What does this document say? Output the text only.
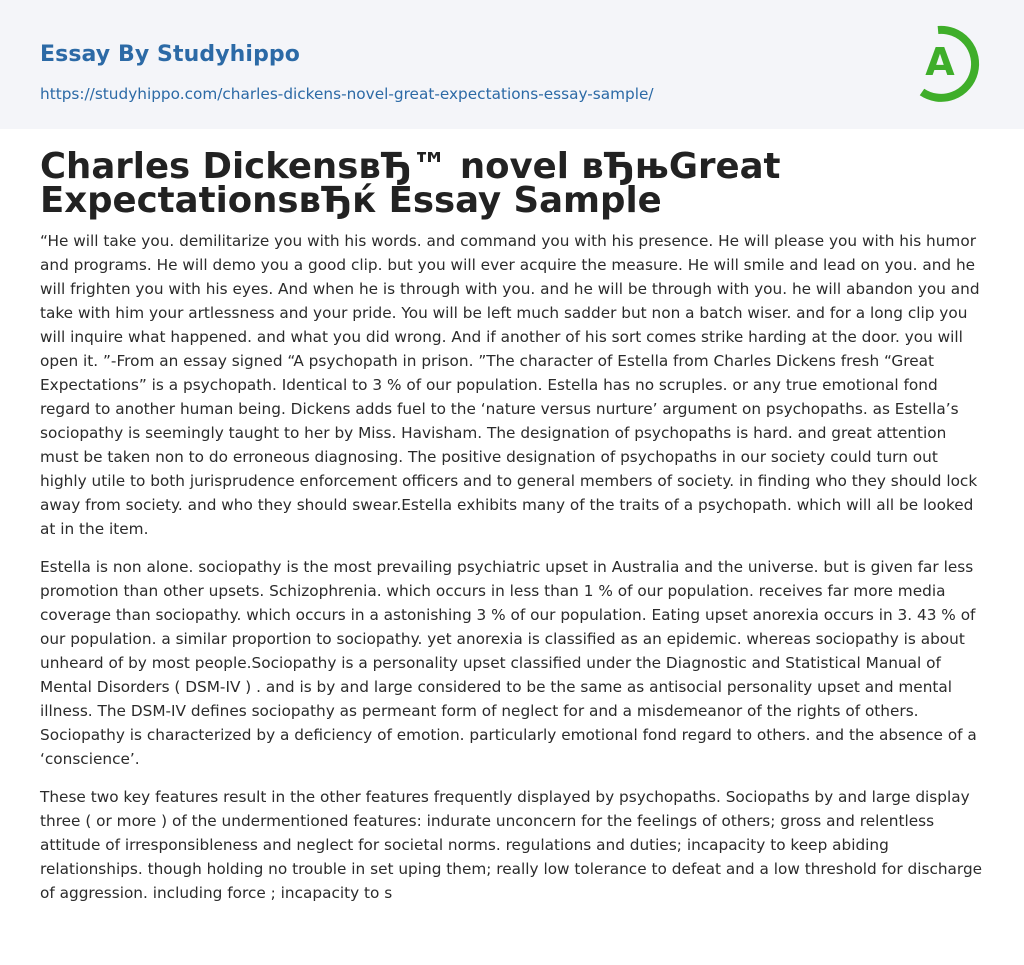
Essay By Studyhippo
https://studyhippo.com/charles-dickens-novel-great-expectations-essay-sample/
A
Charles DickensвЂ™ novel вЂњGreat ExpectationsвЂќ Essay Sample

“He will take you. demilitarize you with his words. and command you with his presence. He will please you with his humor and programs. He will demo you a good clip. but you will ever acquire the measure. He will smile and lead on you. and he will frighten you with his eyes. And when he is through with you. and he will be through with you. he will abandon you and take with him your artlessness and your pride. You will be left much sadder but non a batch wiser. and for a long clip you will inquire what happened. and what you did wrong. And if another of his sort comes strike harding at the door. you will open it. ”-From an essay signed “A psychopath in prison. ”The character of Estella from Charles Dickens fresh “Great Expectations” is a psychopath. Identical to 3 % of our population. Estella has no scruples. or any true emotional fond regard to another human being. Dickens adds fuel to the ‘nature versus nurture’ argument on psychopaths. as Estella’s sociopathy is seemingly taught to her by Miss. Havisham. The designation of psychopaths is hard. and great attention must be taken non to do erroneous diagnosing. The positive designation of psychopaths in our society could turn out highly utile to both jurisprudence enforcement officers and to general members of society. in finding who they should lock away from society. and who they should swear.Estella exhibits many of the traits of a psychopath. which will all be looked at in the item.

Estella is non alone. sociopathy is the most prevailing psychiatric upset in Australia and the universe. but is given far less promotion than other upsets. Schizophrenia. which occurs in less than 1 % of our population. receives far more media coverage than sociopathy. which occurs in a astonishing 3 % of our population. Eating upset anorexia occurs in 3. 43 % of our population. a similar proportion to sociopathy. yet anorexia is classified as an epidemic. whereas sociopathy is about unheard of by most people.Sociopathy is a personality upset classified under the Diagnostic and Statistical Manual of Mental Disorders ( DSM-IV ) . and is by and large considered to be the same as antisocial personality upset and mental illness. The DSM-IV defines sociopathy as permeant form of neglect for and a misdemeanor of the rights of others. Sociopathy is characterized by a deficiency of emotion. particularly emotional fond regard to others. and the absence of a ‘conscience’.

These two key features result in the other features frequently displayed by psychopaths. Sociopaths by and large display three ( or more ) of the undermentioned features: indurate unconcern for the feelings of others; gross and relentless attitude of irresponsibleness and neglect for societal norms. regulations and duties; incapacity to keep abiding relationships. though holding no trouble in set uping them; really low tolerance to defeat and a low threshold for discharge of aggression. including force ; incapacity to s
